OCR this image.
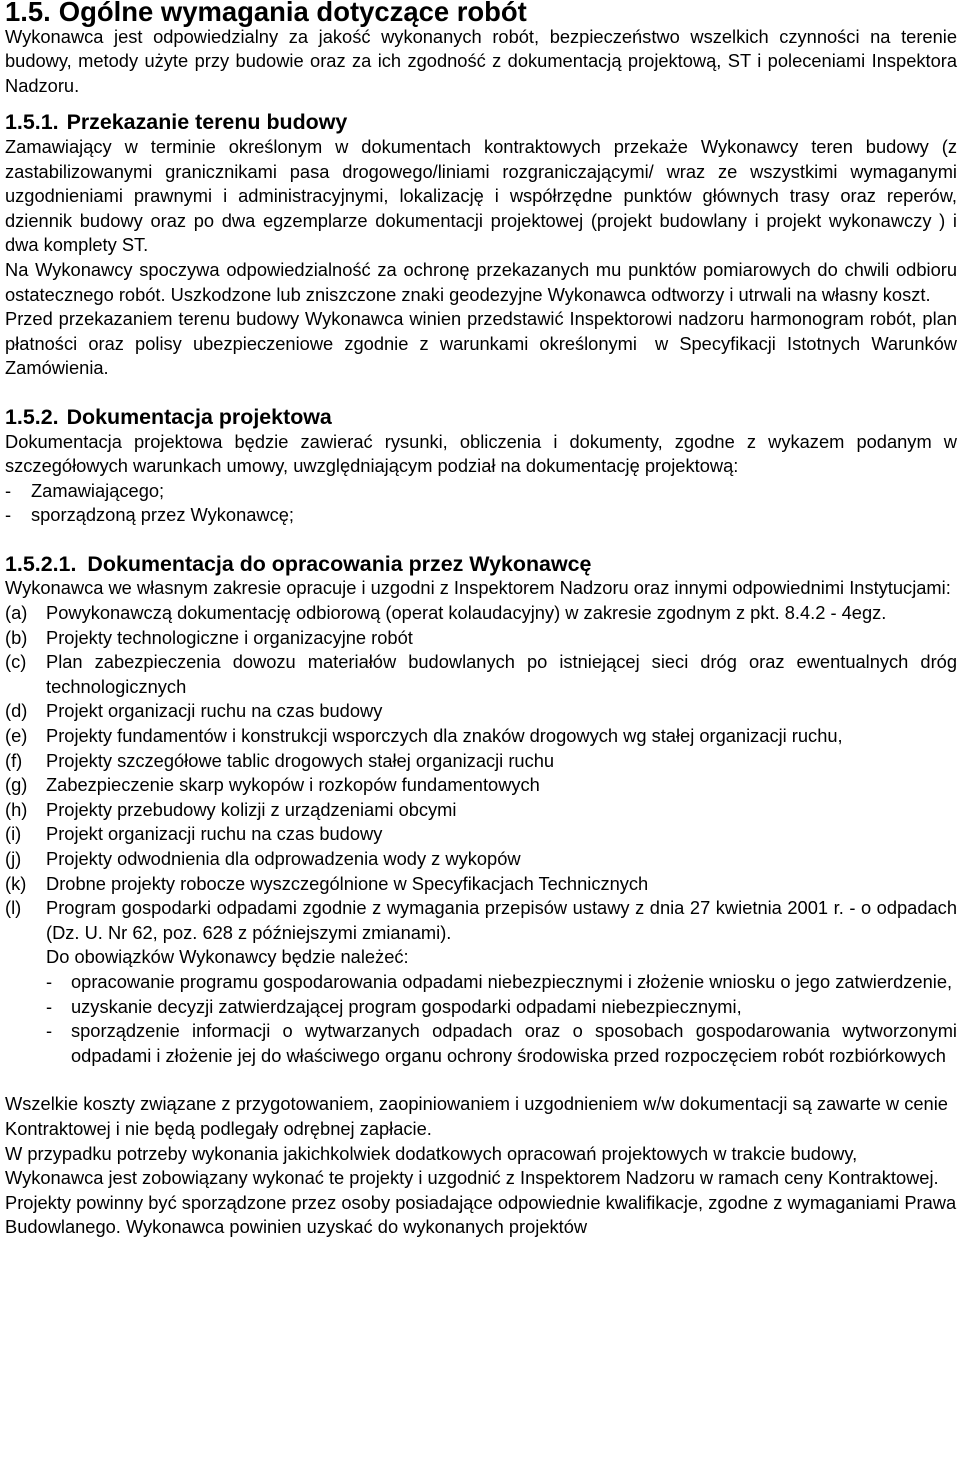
1.5. Ogólne wymagania dotyczące robót

Wykonawca jest odpowiedzialny za jakość wykonanych robót, bezpieczeństwo wszelkich czynności na terenie budowy, metody użyte przy budowie oraz za ich zgodność z dokumentacją projektową, ST i poleceniami Inspektora Nadzoru.

1.5.1. Przekazanie terenu budowy

Zamawiający w terminie określonym w dokumentach kontraktowych przekaże Wykonawcy teren budowy (z zastabilizowanymi granicznikami pasa drogowego/liniami rozgraniczającymi/ wraz ze wszystkimi wymaganymi uzgodnieniami prawnymi i administracyjnymi, lokalizację i współrzędne punktów głównych trasy oraz reperów, dziennik budowy oraz po dwa egzemplarze dokumentacji projektowej (projekt budowlany i projekt wykonawczy ) i dwa komplety ST.

Na Wykonawcy spoczywa odpowiedzialność za ochronę przekazanych mu punktów pomiarowych do chwili odbioru ostatecznego robót. Uszkodzone lub zniszczone znaki geodezyjne Wykonawca odtworzy i utrwali na własny koszt.

Przed przekazaniem terenu budowy Wykonawca winien przedstawić Inspektorowi nadzoru harmonogram robót, plan płatności oraz polisy ubezpieczeniowe zgodnie z warunkami określonymi w Specyfikacji Istotnych Warunków Zamówienia.

1.5.2. Dokumentacja projektowa

Dokumentacja projektowa będzie zawierać rysunki, obliczenia i dokumenty, zgodne z wykazem podanym w szczegółowych warunkach umowy, uwzględniającym podział na dokumentację projektową:

- Zamawiającego;
- sporządzoną przez Wykonawcę;
1.5.2.1. Dokumentacja do opracowania przez Wykonawcę

Wykonawca we własnym zakresie opracuje i uzgodni z Inspektorem Nadzoru oraz innymi odpowiednimi Instytucjami:

(a) Powykonawczą dokumentację odbiorową (operat kolaudacyjny) w zakresie zgodnym z pkt. 8.4.2 - 4egz.
(b) Projekty technologiczne i organizacyjne robót
(c) Plan zabezpieczenia dowozu materiałów budowlanych po istniejącej sieci dróg oraz ewentualnych dróg technologicznych
(d) Projekt organizacji ruchu na czas budowy
(e) Projekty fundamentów i konstrukcji wsporczych dla znaków drogowych wg stałej organizacji ruchu,
(f) Projekty szczegółowe tablic drogowych stałej organizacji ruchu
(g) Zabezpieczenie skarp wykopów i rozkopów fundamentowych
(h) Projekty przebudowy kolizji z urządzeniami obcymi
(i) Projekt organizacji ruchu na czas budowy
(j) Projekty odwodnienia dla odprowadzenia wody z wykopów
(k) Drobne projekty robocze wyszczególnione w Specyfikacjach Technicznych
(l) Program gospodarki odpadami zgodnie z wymagania przepisów ustawy z dnia 27 kwietnia 2001 r. - o odpadach (Dz. U. Nr 62, poz. 628 z późniejszymi zmianami).

Do obowiązków Wykonawcy będzie należeć:

- opracowanie programu gospodarowania odpadami niebezpiecznymi i złożenie wniosku o jego zatwierdzenie,
- uzyskanie decyzji zatwierdzającej program gospodarki odpadami niebezpiecznymi,
- sporządzenie informacji o wytwarzanych odpadach oraz o sposobach gospodarowania wytworzonymi odpadami i złożenie jej do właściwego organu ochrony środowiska przed rozpoczęciem robót rozbiórkowych

Wszelkie koszty związane z przygotowaniem, zaopiniowaniem i uzgodnieniem w/w dokumentacji są zawarte w cenie Kontraktowej i nie będą podlegały odrębnej zapłacie.

W przypadku potrzeby wykonania jakichkolwiek dodatkowych opracowań projektowych w trakcie budowy, Wykonawca jest zobowiązany wykonać te projekty i uzgodnić z Inspektorem Nadzoru w ramach ceny Kontraktowej.

Projekty powinny być sporządzone przez osoby posiadające odpowiednie kwalifikacje, zgodne z wymaganiami Prawa Budowlanego. Wykonawca powinien uzyskać do wykonanych projektów
